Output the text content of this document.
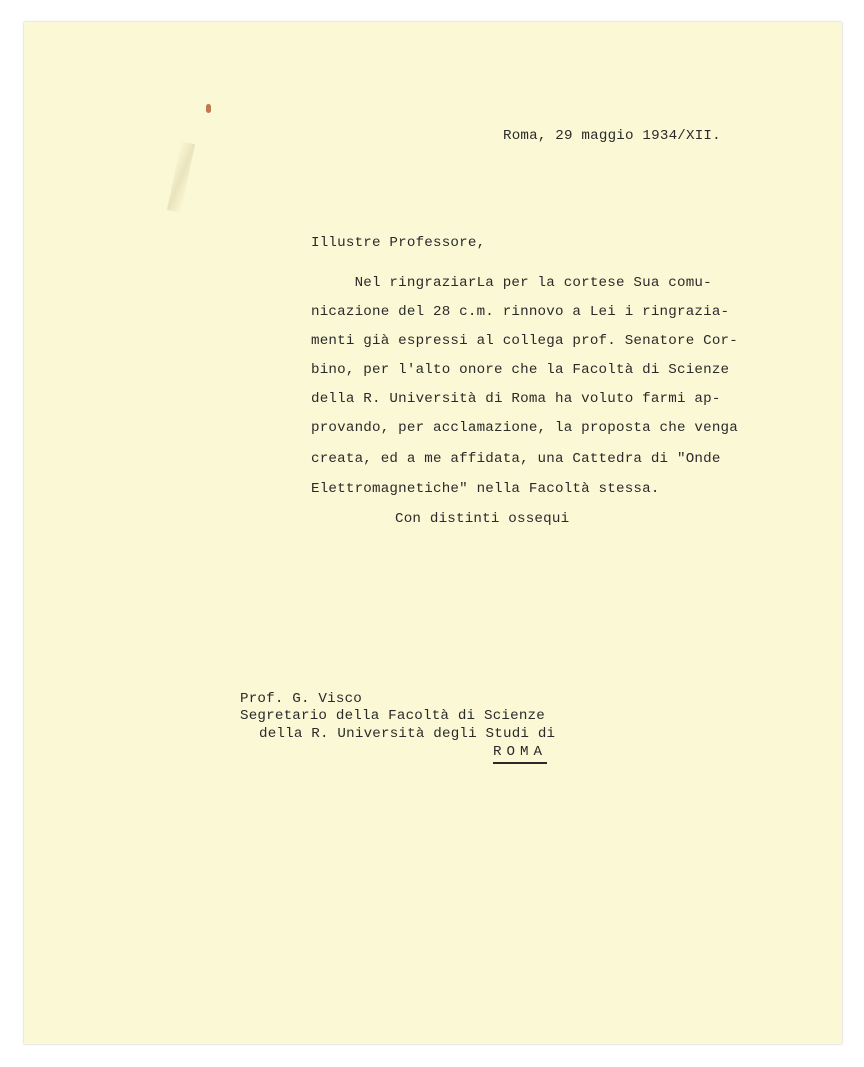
Roma, 29 maggio 1934/XII.

Illustre Professore,

Nel ringraziarLa per la cortese Sua comu-

nicazione del 28 c.m. rinnovo a Lei i ringrazia-

menti già espressi al collega prof. Senatore Cor-

bino, per l'alto onore che la Facoltà di Scienze

della R. Università di Roma ha voluto farmi ap-

provando, per acclamazione, la proposta che venga

creata, ed a me affidata, una Cattedra di "Onde

Elettromagnetiche" nella Facoltà stessa.

Con distinti ossequi

Prof. G. Visco

Segretario della Facoltà di Scienze

della R. Università degli Studi di

ROMA
